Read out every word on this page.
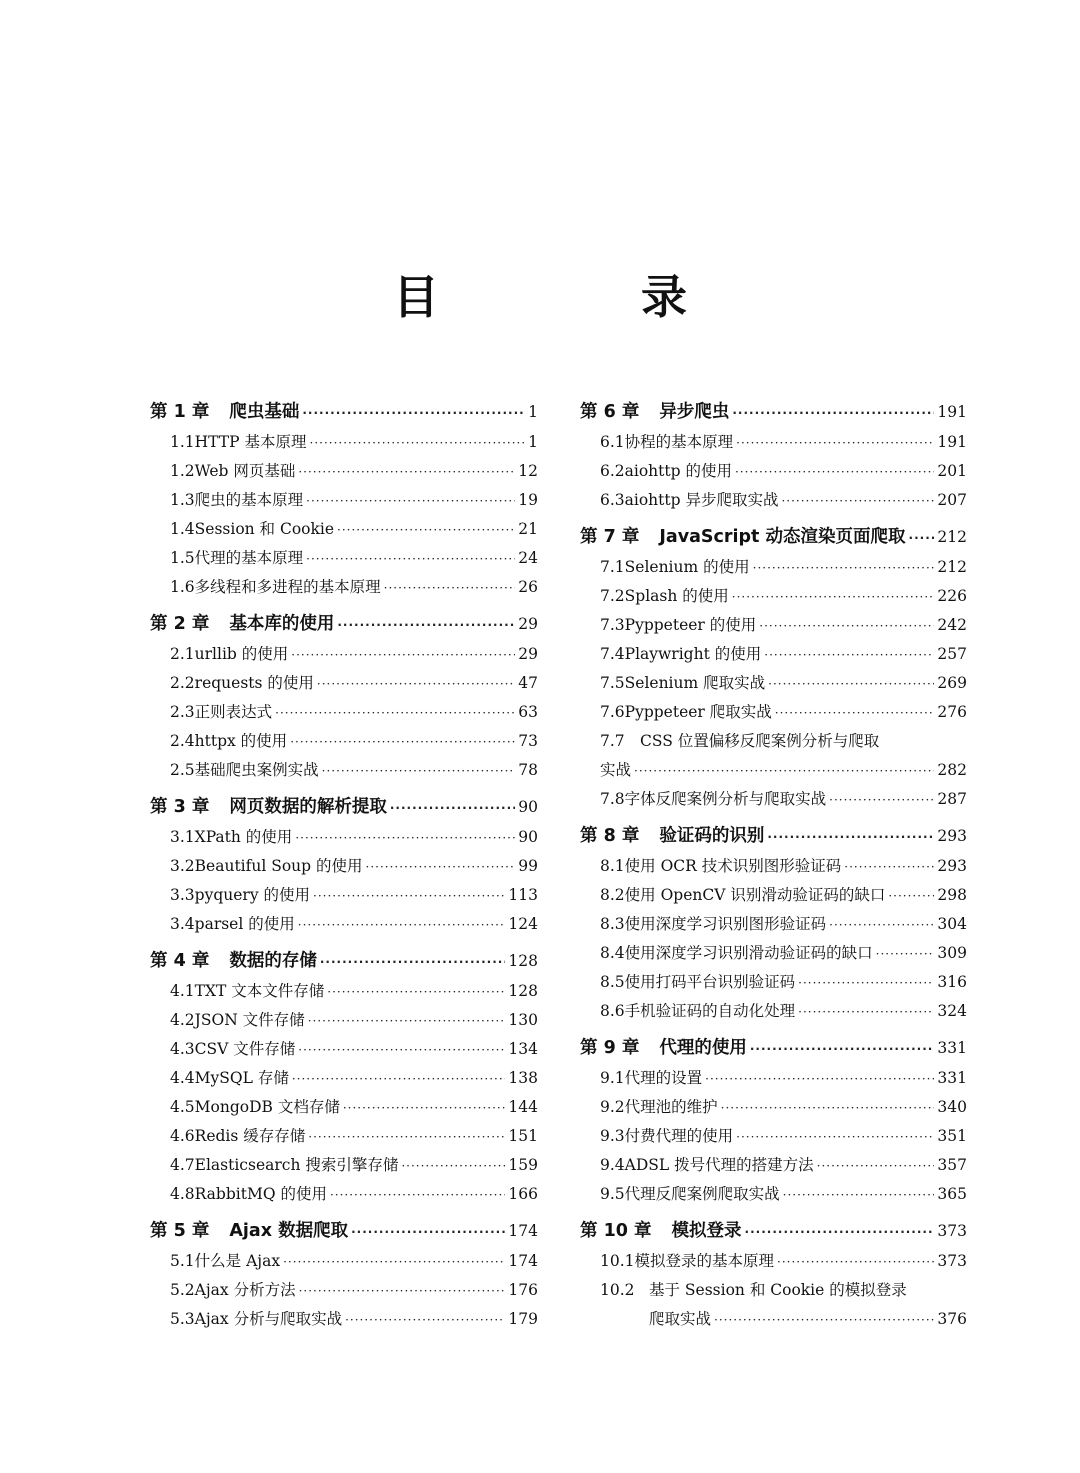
目　录
第 1 章 爬虫基础 ·····	1
1.1 HTTP 基本原理 ·····	1
1.2 Web 网页基础 ·····	12
1.3 爬虫的基本原理 ·····	19
1.4 Session 和 Cookie ·····	21
1.5 代理的基本原理 ·····	24
1.6 多线程和多进程的基本原理 ·····	26
第 2 章 基本库的使用 ·····	29
2.1 urllib 的使用 ·····	29
2.2 requests 的使用 ·····	47
2.3 正则表达式 ·····	63
2.4 httpx 的使用 ·····	73
2.5 基础爬虫案例实战 ·····	78
第 3 章 网页数据的解析提取 ·····	90
3.1 XPath 的使用 ·····	90
3.2 Beautiful Soup 的使用 ·····	99
3.3 pyquery 的使用 ·····	113
3.4 parsel 的使用 ·····	124
第 4 章 数据的存储 ·····	128
4.1 TXT 文本文件存储 ·····	128
4.2 JSON 文件存储 ·····	130
4.3 CSV 文件存储 ·····	134
4.4 MySQL 存储 ·····	138
4.5 MongoDB 文档存储 ·····	144
4.6 Redis 缓存存储 ·····	151
4.7 Elasticsearch 搜索引擎存储 ·····	159
4.8 RabbitMQ 的使用 ·····	166
第 5 章 Ajax 数据爬取 ·····	174
5.1 什么是 Ajax ·····	174
5.2 Ajax 分析方法 ·····	176
5.3 Ajax 分析与爬取实战 ·····	179
第 6 章 异步爬虫 ·····	191
6.1 协程的基本原理 ·····	191
6.2 aiohttp 的使用 ·····	201
6.3 aiohttp 异步爬取实战 ·····	207
第 7 章 JavaScript 动态渲染页面爬取 ····· 212
7.1 Selenium 的使用 ·····	212
7.2 Splash 的使用 ·····	226
7.3 Pyppeteer 的使用 ·····	242
7.4 Playwright 的使用 ·····	257
7.5 Selenium 爬取实战 ·····	269
7.6 Pyppeteer 爬取实战 ·····	276
7.7 CSS 位置偏移反爬案例分析与爬取
实战 ·····	282
7.8 字体反爬案例分析与爬取实战 ·····	287
第 8 章 验证码的识别 ·····	293
8.1 使用 OCR 技术识别图形验证码 ·····	293
8.2 使用 OpenCV 识别滑动验证码的缺口 ·····	298
8.3 使用深度学习识别图形验证码 ·····	304
8.4 使用深度学习识别滑动验证码的缺口 ·····	309
8.5 使用打码平台识别验证码 ·····	316
8.6 手机验证码的自动化处理 ·····	324
第 9 章 代理的使用 ·····	331
9.1 代理的设置 ·····	331
9.2 代理池的维护 ·····	340
9.3 付费代理的使用 ·····	351
9.4 ADSL 拨号代理的搭建方法 ·····	357
9.5 代理反爬案例爬取实战 ·····	365
第 10 章 模拟登录 ·····	373
10.1 模拟登录的基本原理 ·····	373
10.2 基于 Session 和 Cookie 的模拟登录
爬取实战 ·····	376
